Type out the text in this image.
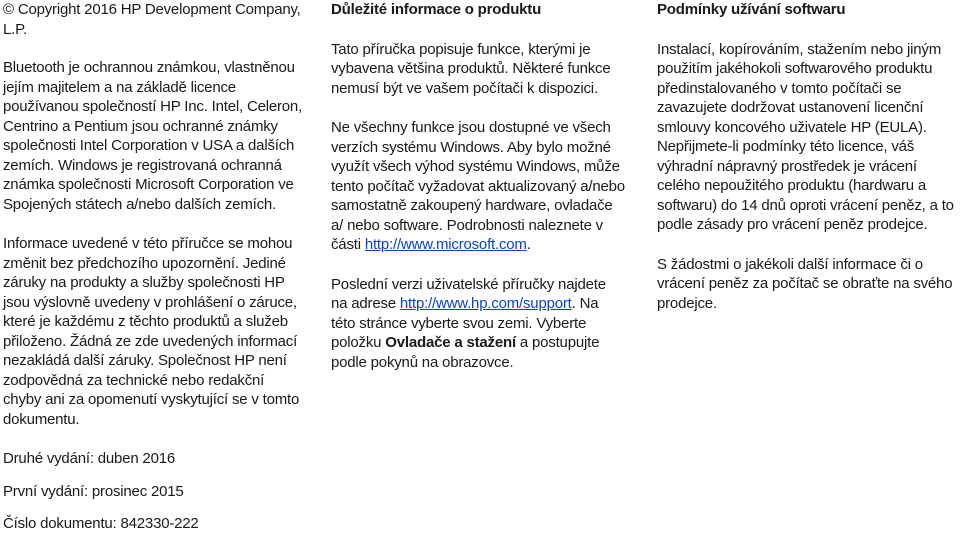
© Copyright 2016 HP Development Company, L.P.

Bluetooth je ochrannou známkou, vlastněnou jejím majitelem a na základě licence používanou společností HP Inc. Intel, Celeron, Centrino a Pentium jsou ochranné známky společnosti Intel Corporation v USA a dalších zemích. Windows je registrovaná ochranná známka společnosti Microsoft Corporation ve Spojených státech a/nebo dalších zemích.

Informace uvedené v této příručce se mohou změnit bez předchozího upozornění. Jediné záruky na produkty a služby společnosti HP jsou výslovně uvedeny v prohlášení o záruce, které je každému z těchto produktů a služeb přiloženo. Žádná ze zde uvedených informací nezakládá další záruky. Společnost HP není zodpovědná za technické nebo redakční chyby ani za opomenutí vyskytující se v tomto dokumentu.

Druhé vydání: duben 2016

První vydání: prosinec 2015

Číslo dokumentu: 842330-222

Důležité informace o produktu

Tato příručka popisuje funkce, kterými je vybavena většina produktů. Některé funkce nemusí být ve vašem počítači k dispozici.

Ne všechny funkce jsou dostupné ve všech verzích systému Windows. Aby bylo možné využít všech výhod systému Windows, může tento počítač vyžadovat aktualizovaný a/nebo samostatně zakoupený hardware, ovladače a/ nebo software. Podrobnosti naleznete v části http://www.microsoft.com.

Poslední verzi uživatelské příručky najdete na adrese http://www.hp.com/support. Na této stránce vyberte svou zemi. Vyberte položku Ovladače a stažení a postupujte podle pokynů na obrazovce.

Podmínky užívání softwaru

Instalací, kopírováním, stažením nebo jiným použitím jakéhokoli softwarového produktu předinstalovaného v tomto počítači se zavazujete dodržovat ustanovení licenční smlouvy koncového uživatele HP (EULA). Nepřijmete-li podmínky této licence, váš výhradní nápravný prostředek je vrácení celého nepoužitého produktu (hardwaru a softwaru) do 14 dnů oproti vrácení peněz, a to podle zásady pro vrácení peněz prodejce.

S žádostmi o jakékoli další informace či o vrácení peněz za počítač se obraťte na svého prodejce.
